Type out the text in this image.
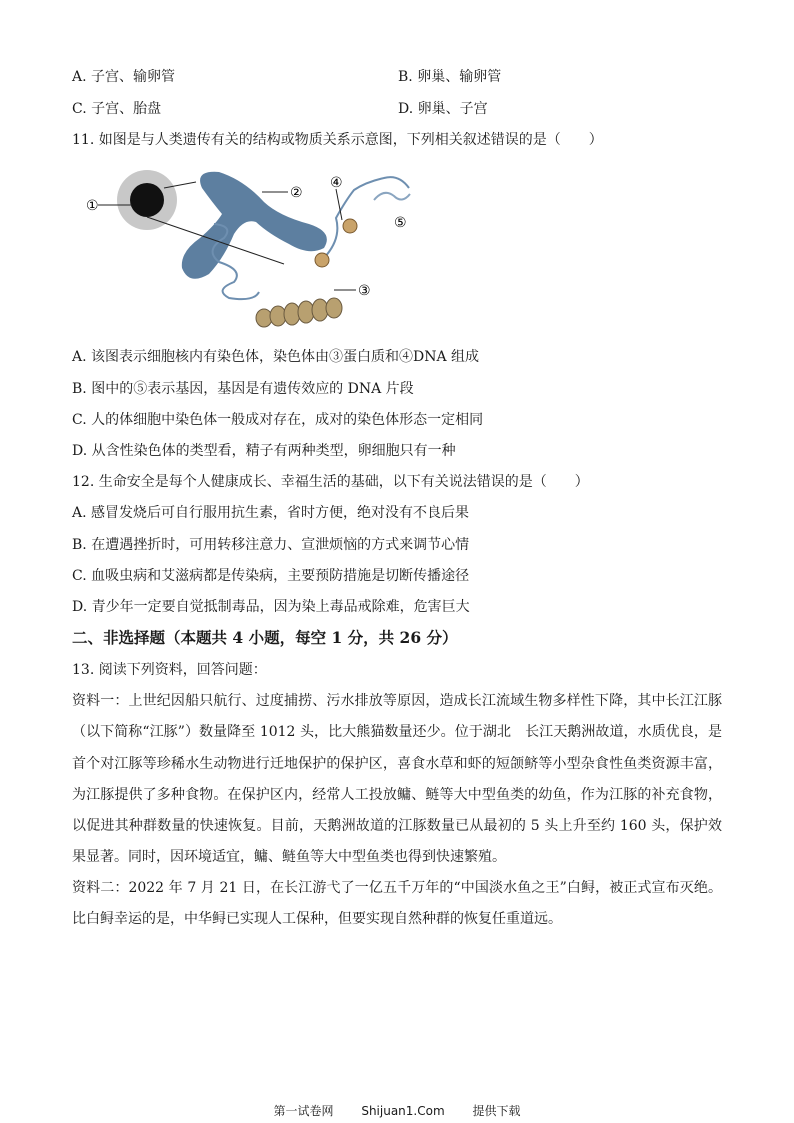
A. 子宫、输卵管	B. 卵巢、输卵管
C. 子宫、胎盘	D. 卵巢、子宫
11. 如图是与人类遗传有关的结构或物质关系示意图，下列相关叙述错误的是（　　）
①
②
③
④
⑤
A. 该图表示细胞核内有染色体，染色体由③蛋白质和④DNA 组成
B. 图中的⑤表示基因，基因是有遗传效应的 DNA 片段
C. 人的体细胞中染色体一般成对存在，成对的染色体形态一定相同
D. 从含性染色体的类型看，精子有两种类型，卵细胞只有一种
12. 生命安全是每个人健康成长、幸福生活的基础，以下有关说法错误的是（　　）
A. 感冒发烧后可自行服用抗生素，省时方便，绝对没有不良后果
B. 在遭遇挫折时，可用转移注意力、宣泄烦恼的方式来调节心情
C. 血吸虫病和艾滋病都是传染病，主要预防措施是切断传播途径
D. 青少年一定要自觉抵制毒品，因为染上毒品戒除难，危害巨大
二、非选择题（本题共 4 小题，每空 1 分，共 26 分）
13. 阅读下列资料，回答问题：
资料一：上世纪因船只航行、过度捕捞、污水排放等原因，造成长江流域生物多样性下降，其中长江江豚（以下简称“江豚”）数量降至 1012 头，比大熊猫数量还少。位于湖北　长江天鹅洲故道，水质优良，是首个对江豚等珍稀水生动物进行迁地保护的保护区，喜食水草和虾的短颌鲚等小型杂食性鱼类资源丰富，为江豚提供了多种食物。在保护区内，经常人工投放鳙、鲢等大中型鱼类的幼鱼，作为江豚的补充食物，以促进其种群数量的快速恢复。目前，天鹅洲故道的江豚数量已从最初的 5 头上升至约 160 头，保护效果显著。同时，因环境适宜，鳙、鲢鱼等大中型鱼类也得到快速繁殖。
资料二：2022 年 7 月 21 日，在长江游弋了一亿五千万年的“中国淡水鱼之王”白鲟，被正式宣布灭绝。比白鲟幸运的是，中华鲟已实现人工保种，但要实现自然种群的恢复任重道远。
第一试卷网 Shijuan1.Com 提供下载
